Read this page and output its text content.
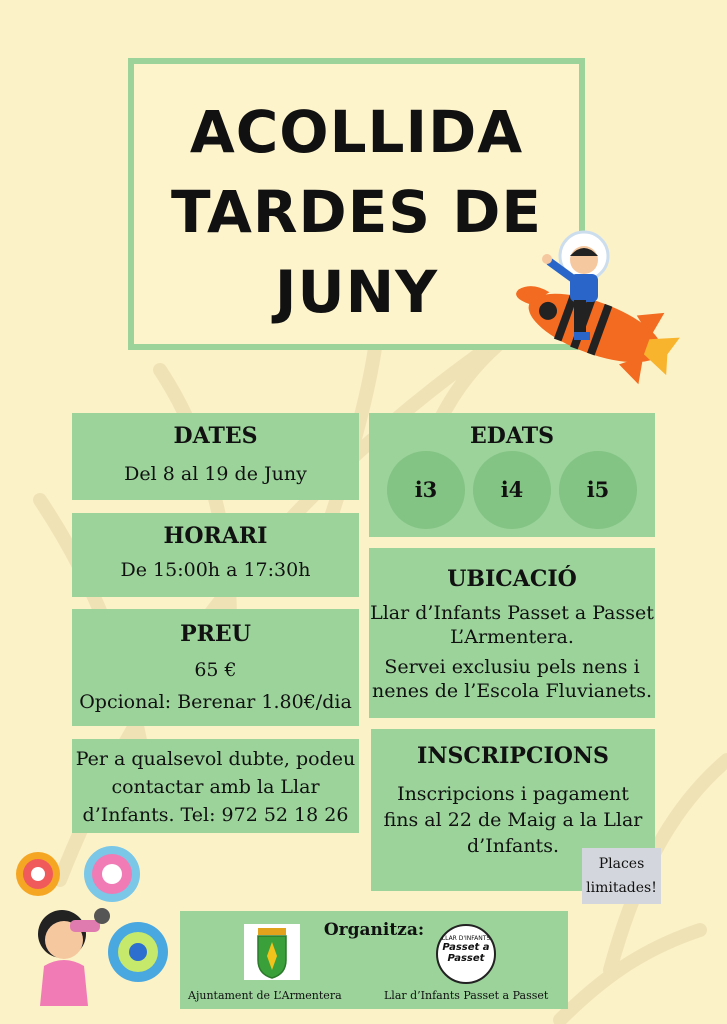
ACOLLIDA
TARDES DE
JUNY
DATES
Del 8 al 19 de Juny
HORARI
De 15:00h a 17:30h
PREU
65 €
Opcional: Berenar 1.80€/dia
Per a qualsevol dubte, podeu
contactar amb la Llar
d’Infants. Tel: 972 52 18 26
EDATS
i3	i4	i5
UBICACIÓ
Llar d’Infants Passet a Passet
L’Armentera.
Servei exclusiu pels nens i
nenes de l’Escola Fluvianets.
INSCRIPCIONS
Inscripcions i pagament
fins al 22 de Maig a la Llar
d’Infants.
Places
limitades!
Organitza:	LLAR D'INFANTS
Passet a
Passet
Ajuntament de L’Armentera	Llar d’Infants Passet a Passet
